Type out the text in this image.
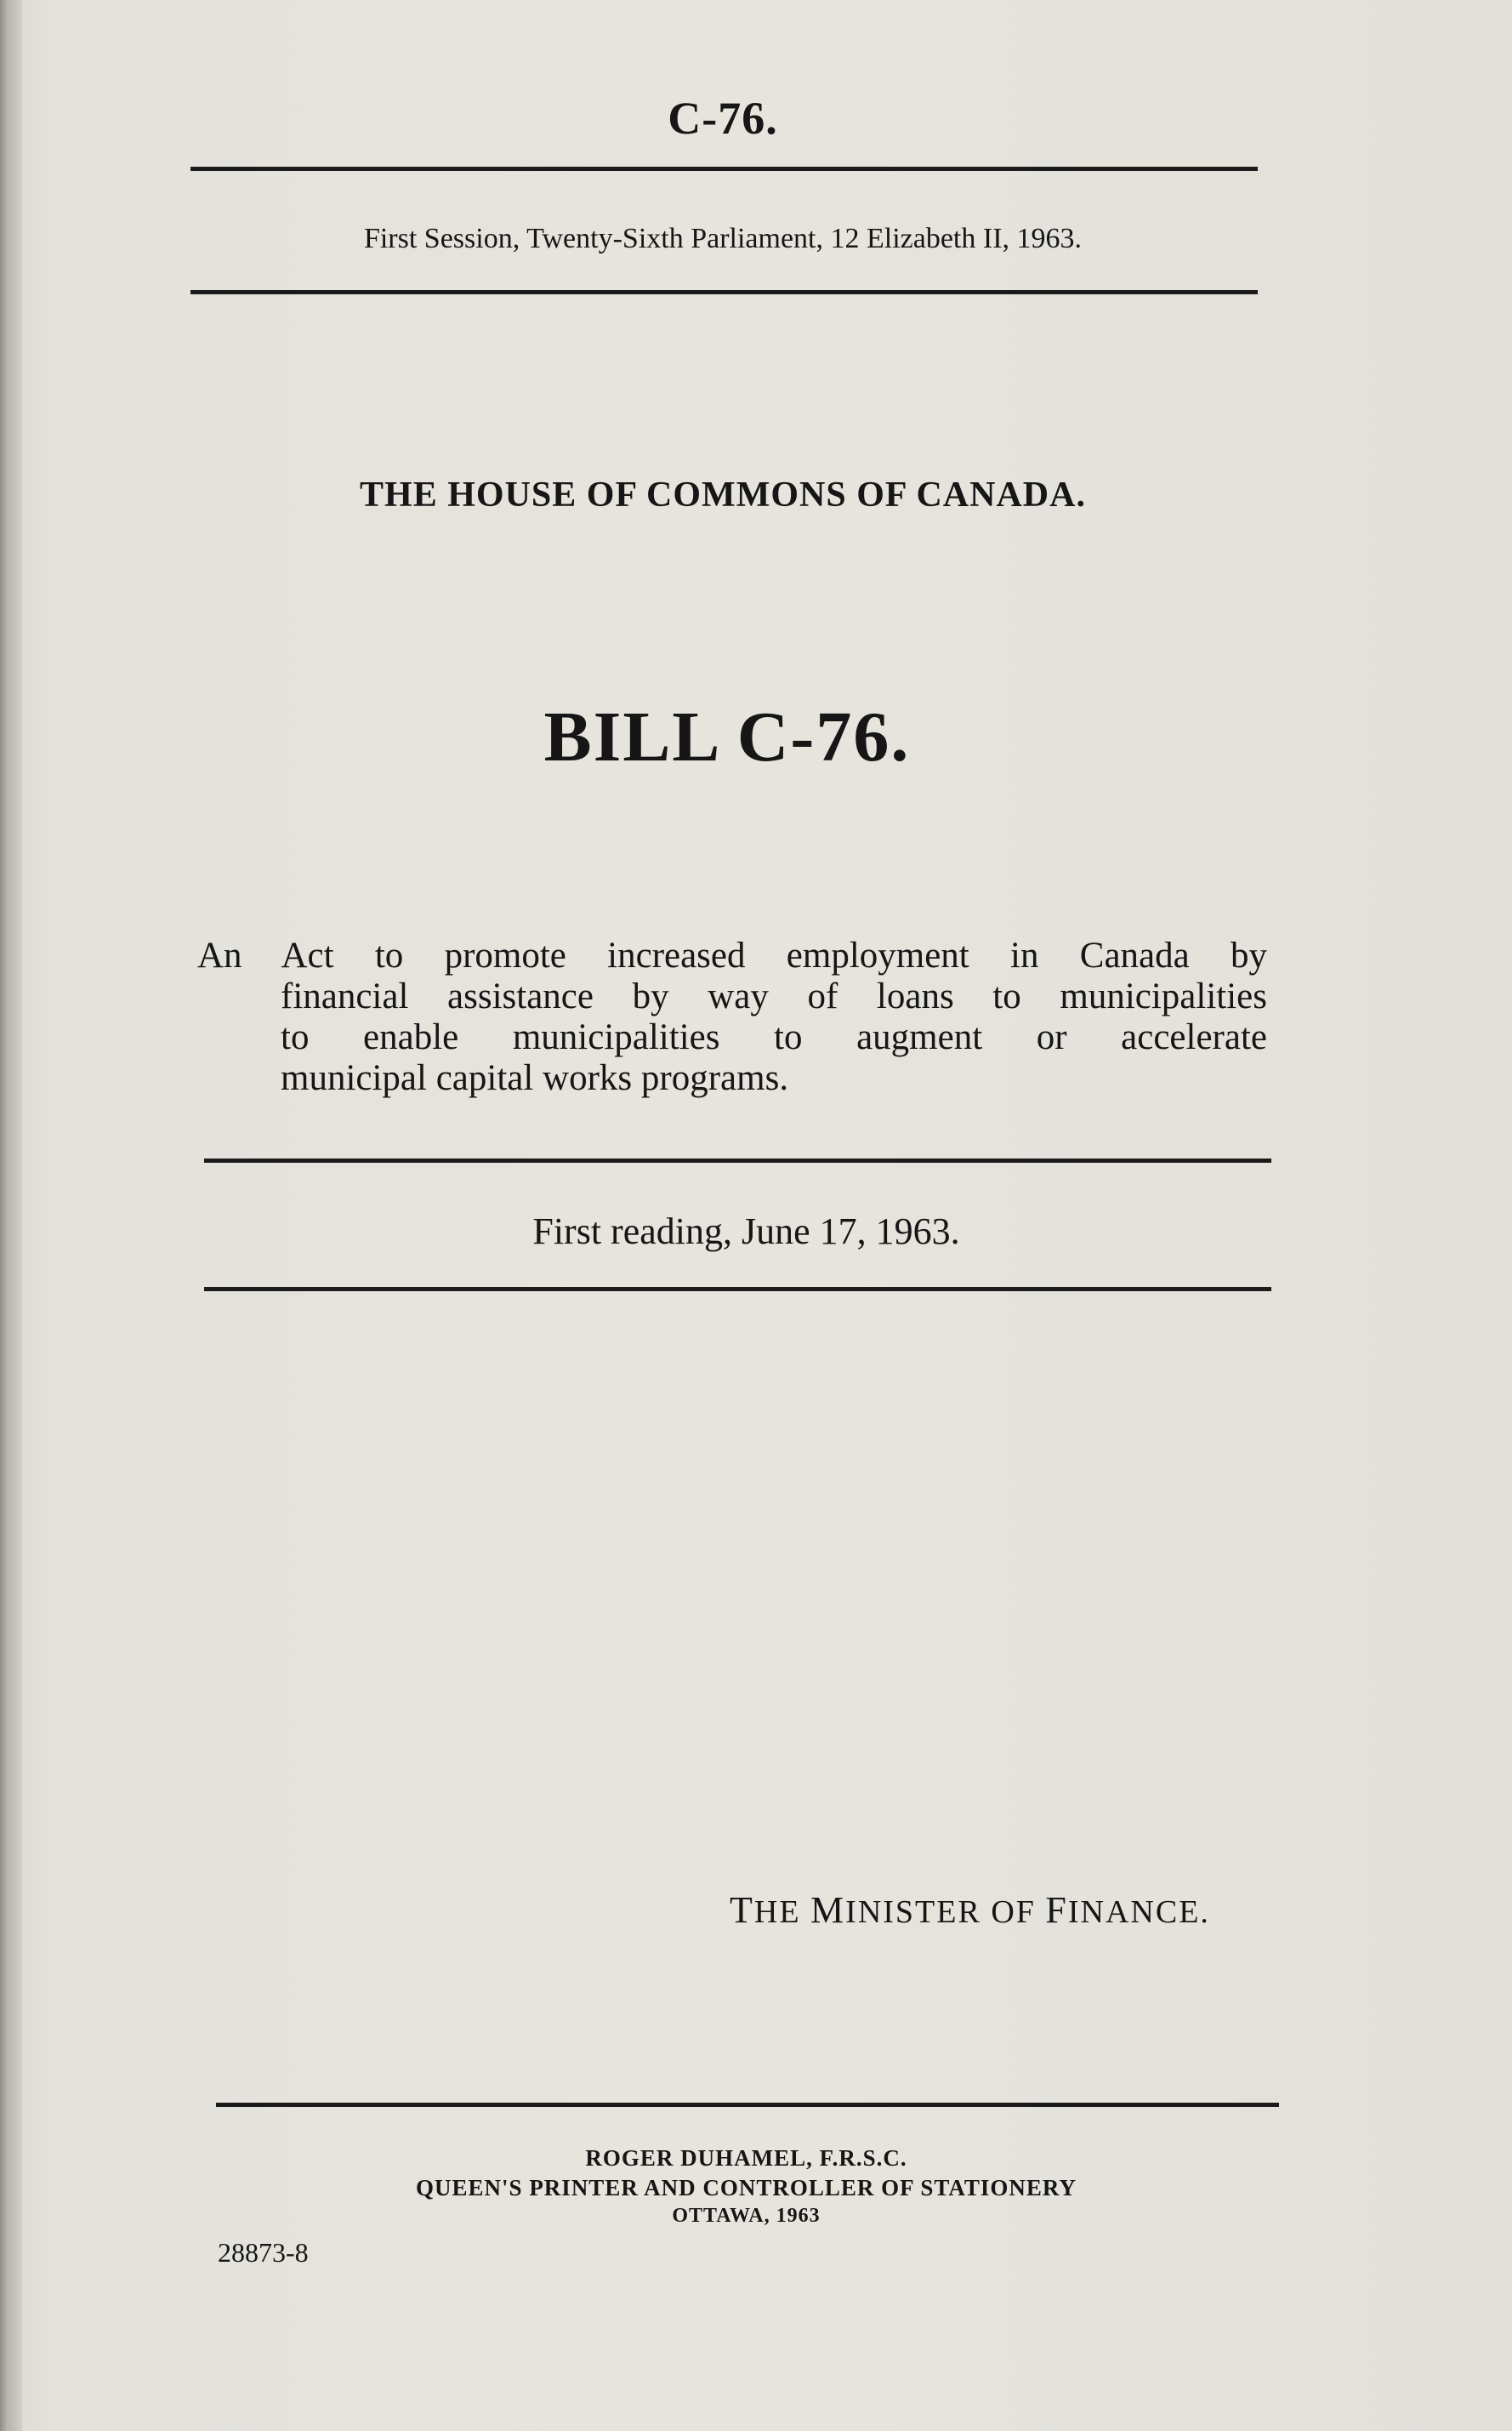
C-76.
First Session, Twenty-Sixth Parliament, 12 Elizabeth II, 1963.
THE HOUSE OF COMMONS OF CANADA.
BILL C-76.
An Act to promote increased employment in Canada by
financial assistance by way of loans to municipalities
to enable municipalities to augment or accelerate
municipal capital works programs.
First reading, June 17, 1963.
THE MINISTER OF FINANCE.
ROGER DUHAMEL, F.R.S.C.
QUEEN'S PRINTER AND CONTROLLER OF STATIONERY
OTTAWA, 1963
28873-8
